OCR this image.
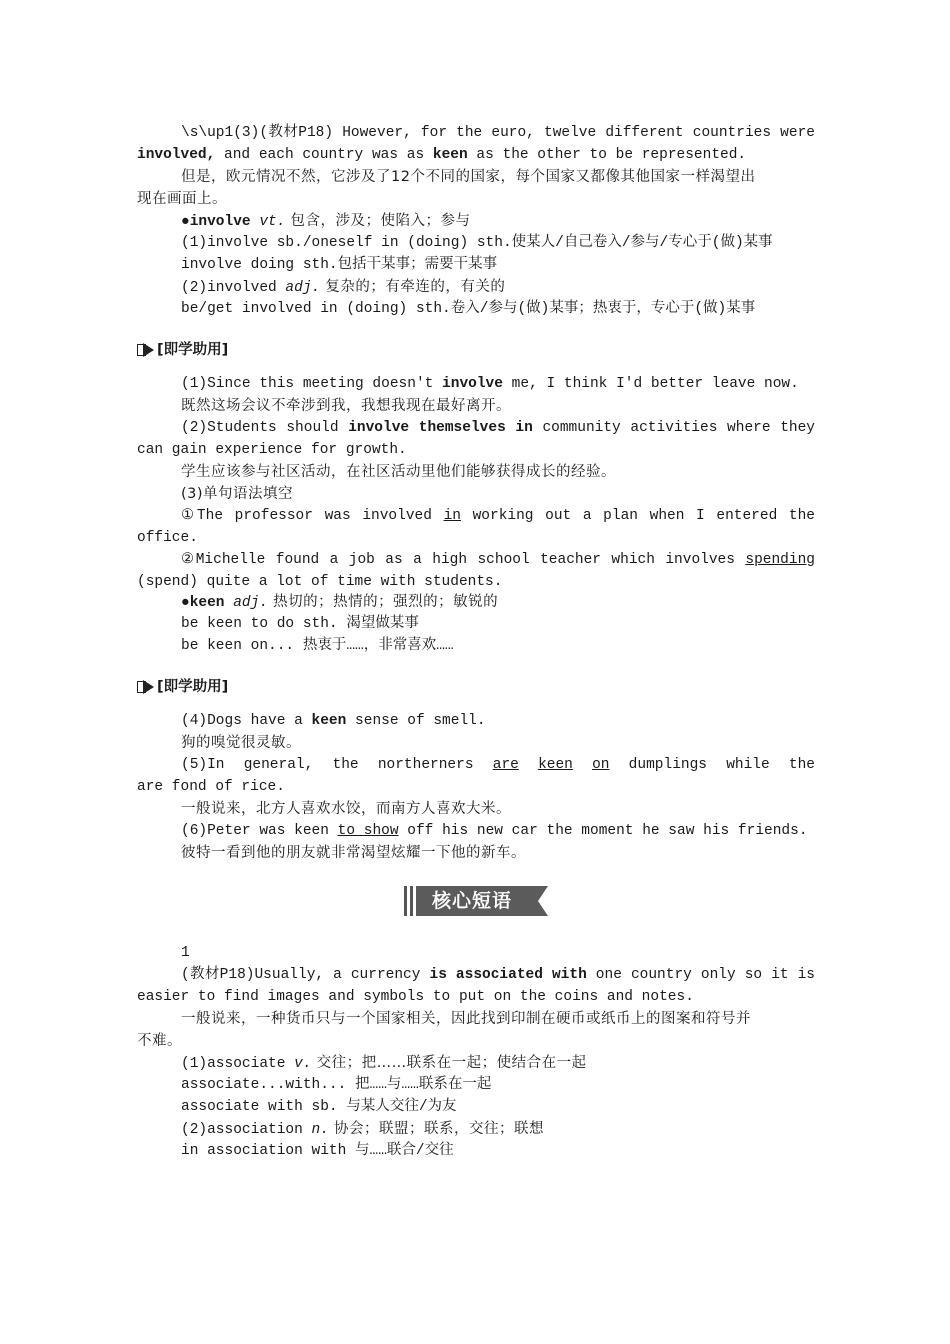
\s\up1(3)(教材P18) However, for the euro, twelve different countries were
involved, and each country was as keen as the other to be represented.
但是，欧元情况不然，它涉及了12个不同的国家，每个国家又都像其他国家一样渴望出
现在画面上。
●involve vt. 包含，涉及；使陷入；参与
(1)involve sb./oneself in (doing) sth.使某人/自己卷入/参与/专心于(做)某事
involve doing sth.包括干某事；需要干某事
(2)involved adj. 复杂的；有牵连的，有关的
be/get involved in (doing) sth.卷入/参与(做)某事；热衷于，专心于(做)某事
[即学助用]
(1)Since this meeting doesn't involve me, I think I'd better leave now.
既然这场会议不牵涉到我，我想我现在最好离开。
(2)Students should involve themselves in community activities where they
can gain experience for growth.
学生应该参与社区活动，在社区活动里他们能够获得成长的经验。
(3)单句语法填空
①The professor was involved in working out a plan when I entered the
office.
②Michelle found a job as a high school teacher which involves spending
(spend) quite a lot of time with students.
●keen adj. 热切的；热情的；强烈的；敏锐的
be keen to do sth. 渴望做某事
be keen on... 热衷于……，非常喜欢……
[即学助用]
(4)Dogs have a keen sense of smell.
狗的嗅觉很灵敏。
(5)In general, the northerners are keen on dumplings while the
are fond of rice.
一般说来，北方人喜欢水饺，而南方人喜欢大米。
(6)Peter was keen to show off his new car the moment he saw his friends.
彼特一看到他的朋友就非常渴望炫耀一下他的新车。
核心短语
1
(教材P18)Usually, a currency is associated with one country only so it is
easier to find images and symbols to put on the coins and notes.
一般说来，一种货币只与一个国家相关，因此找到印制在硬币或纸币上的图案和符号并
不难。
(1)associate v. 交往；把……联系在一起；使结合在一起
associate...with... 把……与……联系在一起
associate with sb. 与某人交往/为友
(2)association n. 协会；联盟；联系，交往；联想
in association with 与……联合/交往
